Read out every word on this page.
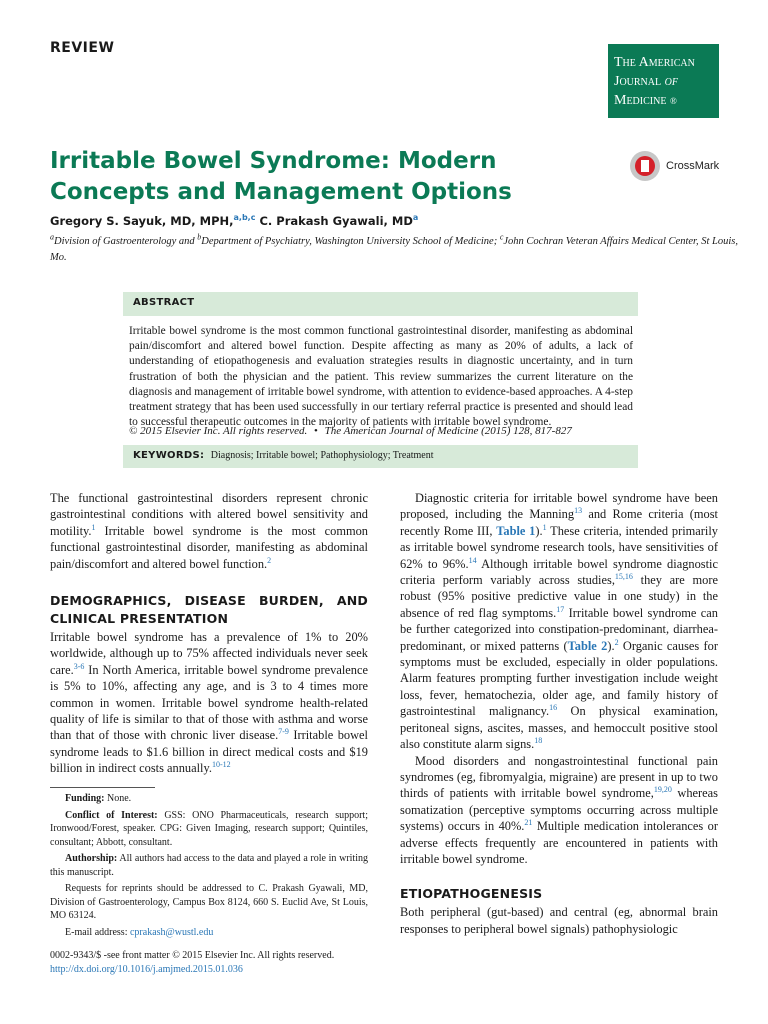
REVIEW
The American
Journal of
Medicine ®
Irritable Bowel Syndrome: Modern Concepts and Management Options
CrossMark
Gregory S. Sayuk, MD, MPH,$^{a,b,c}$ C. Prakash Gyawali, $MD^a$
$^a$Division of Gastroenterology and $^b$Department of Psychiatry, Washington University School of Medicine; $^c$John Cochran Veteran Affairs Medical Center, St Louis, Mo.
ABSTRACT
Irritable bowel syndrome is the most common functional gastrointestinal disorder, manifesting as abdominal pain/discomfort and altered bowel function. Despite affecting as many as 20% of adults, a lack of understanding of etiopathogenesis and evaluation strategies results in diagnostic uncertainty, and in turn frustration of both the physician and the patient. This review summarizes the current literature on the diagnosis and management of irritable bowel syndrome, with attention to evidence-based approaches. A 4-step treatment strategy that has been used successfully in our tertiary referral practice is presented and should lead to successful therapeutic outcomes in the majority of patients with irritable bowel syndrome.
© 2015 Elsevier Inc. All rights reserved. • The American Journal of Medicine (2015) 128, 817-827
KEYWORDS: Diagnosis; Irritable bowel; Pathophysiology; Treatment

The functional gastrointestinal disorders represent chronic gastrointestinal conditions with altered bowel sensitivity and motility.$^1$ Irritable bowel syndrome is the most common functional gastrointestinal disorder, manifesting as abdominal pain/discomfort and altered bowel function.$^2$

DEMOGRAPHICS, DISEASE BURDEN, AND CLINICAL PRESENTATION

Irritable bowel syndrome has a prevalence of 1% to 20% worldwide, although up to 75% affected individuals never seek care.$^{3-6}$ In North America, irritable bowel syndrome prevalence is 5% to 10%, affecting any age, and is 3 to 4 times more common in women. Irritable bowel syndrome health-related quality of life is similar to that of those with asthma and worse than that of those with chronic liver disease.$^{7-9}$ Irritable bowel syndrome leads to $1.6 billion in direct medical costs and $19 billion in indirect costs annually.$^{10-12}$

Funding: None.

Conflict of Interest: GSS: ONO Pharmaceuticals, research support; Ironwood/Forest, speaker. CPG: Given Imaging, research support; Quintiles, consultant; Abbott, consultant.

Authorship: All authors had access to the data and played a role in writing this manuscript.

Requests for reprints should be addressed to C. Prakash Gyawali, MD, Division of Gastroenterology, Campus Box 8124, 660 S. Euclid Ave, St Louis, MO 63124.

E-mail address: cprakash@wustl.edu

Diagnostic criteria for irritable bowel syndrome have been proposed, including the Manning$^{13}$ and Rome criteria (most recently Rome III, Table 1).$^1$ These criteria, intended primarily as irritable bowel syndrome research tools, have sensitivities of 62% to 96%.$^{14}$ Although irritable bowel syndrome diagnostic criteria perform variably across studies,$^{15,16}$ they are more robust (95% positive predictive value in one study) in the absence of red flag symptoms.$^{17}$ Irritable bowel syndrome can be further categorized into constipation-predominant, diarrhea-predominant, or mixed patterns (Table 2).$^2$ Organic causes for symptoms must be excluded, especially in older populations. Alarm features prompting further investigation include weight loss, fever, hematochezia, older age, and family history of gastrointestinal malignancy.$^{16}$ On physical examination, peritoneal signs, ascites, masses, and hemoccult positive stool also constitute alarm signs.$^{18}$

Mood disorders and nongastrointestinal functional pain syndromes (eg, fibromyalgia, migraine) are present in up to two thirds of patients with irritable bowel syndrome,$^{19,20}$ whereas somatization (perceptive symptoms occurring across multiple systems) occurs in 40%.$^{21}$ Multiple medication intolerances or adverse effects frequently are encountered in patients with irritable bowel syndrome.

ETIOPATHOGENESIS

Both peripheral (gut-based) and central (eg, abnormal brain responses to peripheral bowel signals) pathophysiologic

0002-9343/$ -see front matter © 2015 Elsevier Inc. All rights reserved.
http://dx.doi.org/10.1016/j.amjmed.2015.01.036
